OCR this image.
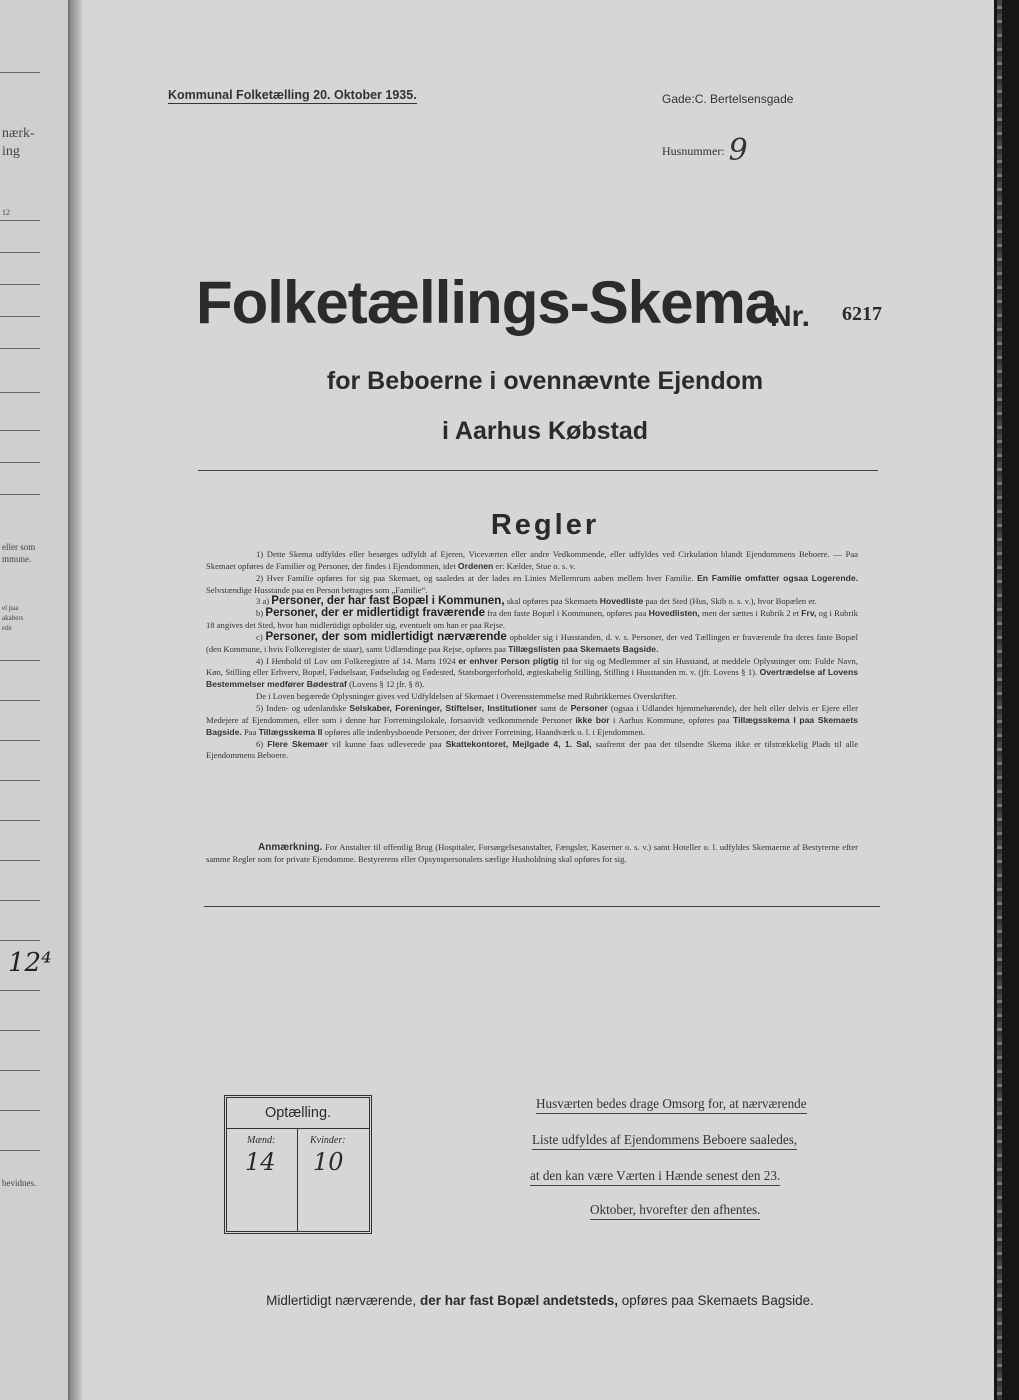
nærk-
ing
12
eller som
mmune.
el paa
akabers
ede
12⁴
bevidnes.
Kommunal Folketælling 20. Oktober 1935.	Gade:C. Bertelsensgade
Husnummer: 9
Folketællings-Skema
Nr. 6217
for Beboerne i ovennævnte Ejendom
i Aarhus Købstad
Regler

1) Dette Skema udfyldes eller besørges udfyldt af Ejeren, Viceværten eller andre Vedkommende, eller udfyldes ved Cirkulation blandt Ejendommens Beboere. — Paa Skemaet opføres de Familier og Personer, der findes i Ejendommen, idet Ordenen er: Kælder, Stue o. s. v.

2) Hver Familie opføres for sig paa Skemaet, og saaledes at der lades en Linies Mellemrum aaben mellem hver Familie. En Familie omfatter ogsaa Logerende. Selvstændige Husstande paa en Person betragtes som „Familie“.

3 a) Personer, der har fast Bopæl i Kommunen, skal opføres paa Skemaets Hovedliste paa det Sted (Hus, Skib o. s. v.), hvor Bopælen er.

b) Personer, der er midlertidigt fraværende fra den faste Bopæl i Kommunen, opføres paa Hovedlisten, men der sættes i Rubrik 2 et Frv, og i Rubrik 18 angives det Sted, hvor han midlertidigt opholder sig, eventuelt om han er paa Rejse.

c) Personer, der som midlertidigt nærværende opholder sig i Husstanden, d. v. s. Personer, der ved Tællingen er fraværende fra deres faste Bopæl (den Kommune, i hvis Folkeregister de staar), samt Udlændinge paa Rejse, opføres paa Tillægslisten paa Skemaets Bagside.

4) I Henhold til Lov om Folkeregistre af 14. Marts 1924 er enhver Person pligtig til for sig og Medlemmer af sin Husstand, at meddele Oplysninger om: Fulde Navn, Køn, Stilling eller Erhverv, Bopæl, Fødselsaar, Fødselsdag og Fødested, Statsborgerforhold, ægteskabelig Stilling, Stilling i Husstanden m. v. (jfr. Lovens § 1). Overtrædelse af Lovens Bestemmelser medfører Bødestraf (Lovens § 12 jfr. § 8).

De i Loven begærede Oplysninger gives ved Udfyldelsen af Skemaet i Overensstemmelse med Rubrikkernes Overskrifter.

5) Inden- og udenlandske Selskaber, Foreninger, Stiftelser, Institutioner samt de Personer (ogsaa i Udlandet hjemmehørende), der helt eller delvis er Ejere eller Medejere af Ejendommen, eller som i denne har Forretningslokale, forsaavidt vedkommende Personer ikke bor i Aarhus Kommune, opføres paa Tillægsskema I paa Skemaets Bagside. Paa Tillægsskema II opføres alle indenbysboende Personer, der driver Forretning, Haandværk o. l. i Ejendommen.

6) Flere Skemaer vil kunne faas udleverede paa Skattekontoret, Mejlgade 4, 1. Sal, saafremt der paa det tilsendte Skema ikke er tilstrækkelig Plads til alle Ejendommens Beboere.

Anmærkning. For Anstalter til offentlig Brug (Hospitaler, Forsørgelsesanstalter, Fængsler, Kaserner o. s. v.) samt Hoteller o. l. udfyldes Skemaerne af Bestyrerne efter samme Regler som for private Ejendomme. Bestyrerens eller Opsynspersonalets særlige Husholdning skal opføres for sig.

Optælling.
Mænd:	Kvinder:
14 10
Husværten bedes drage Omsorg for, at nærværende
Liste udfyldes af Ejendommens Beboere saaledes,
at den kan være Værten i Hænde senest den 23.
Oktober, hvorefter den afhentes.
Midlertidigt nærværende, der har fast Bopæl andetsteds, opføres paa Skemaets Bagside.
